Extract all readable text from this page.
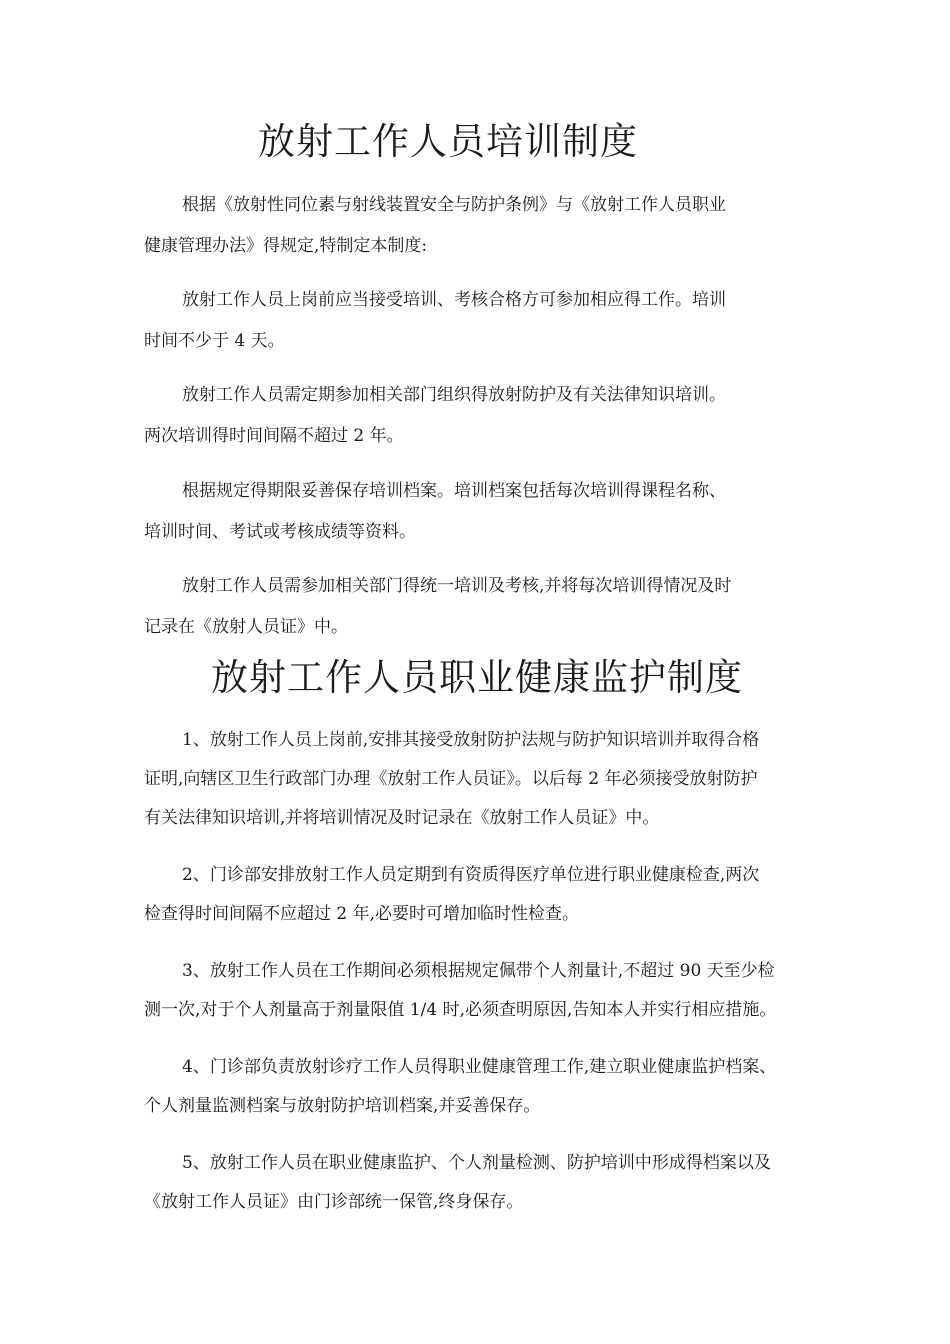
放射工作人员培训制度

根据《放射性同位素与射线装置安全与防护条例》与《放射工作人员职业

健康管理办法》得规定,特制定本制度:

放射工作人员上岗前应当接受培训、考核合格方可参加相应得工作。培训

时间不少于 4 天。

放射工作人员需定期参加相关部门组织得放射防护及有关法律知识培训。

两次培训得时间间隔不超过 2 年。

根据规定得期限妥善保存培训档案。培训档案包括每次培训得课程名称、

培训时间、考试或考核成绩等资料。

放射工作人员需参加相关部门得统一培训及考核,并将每次培训得情况及时

记录在《放射人员证》中。

放射工作人员职业健康监护制度

1、放射工作人员上岗前,安排其接受放射防护法规与防护知识培训并取得合格

证明,向辖区卫生行政部门办理《放射工作人员证》。以后每 2 年必须接受放射防护

有关法律知识培训,并将培训情况及时记录在《放射工作人员证》中。

2、门诊部安排放射工作人员定期到有资质得医疗单位进行职业健康检查,两次

检查得时间间隔不应超过 2 年,必要时可增加临时性检查。

3、放射工作人员在工作期间必须根据规定佩带个人剂量计,不超过 90 天至少检

测一次,对于个人剂量高于剂量限值 1/4 时,必须查明原因,告知本人并实行相应措施。

4、门诊部负责放射诊疗工作人员得职业健康管理工作,建立职业健康监护档案、

个人剂量监测档案与放射防护培训档案,并妥善保存。

5、放射工作人员在职业健康监护、个人剂量检测、防护培训中形成得档案以及

《放射工作人员证》由门诊部统一保管,终身保存。
